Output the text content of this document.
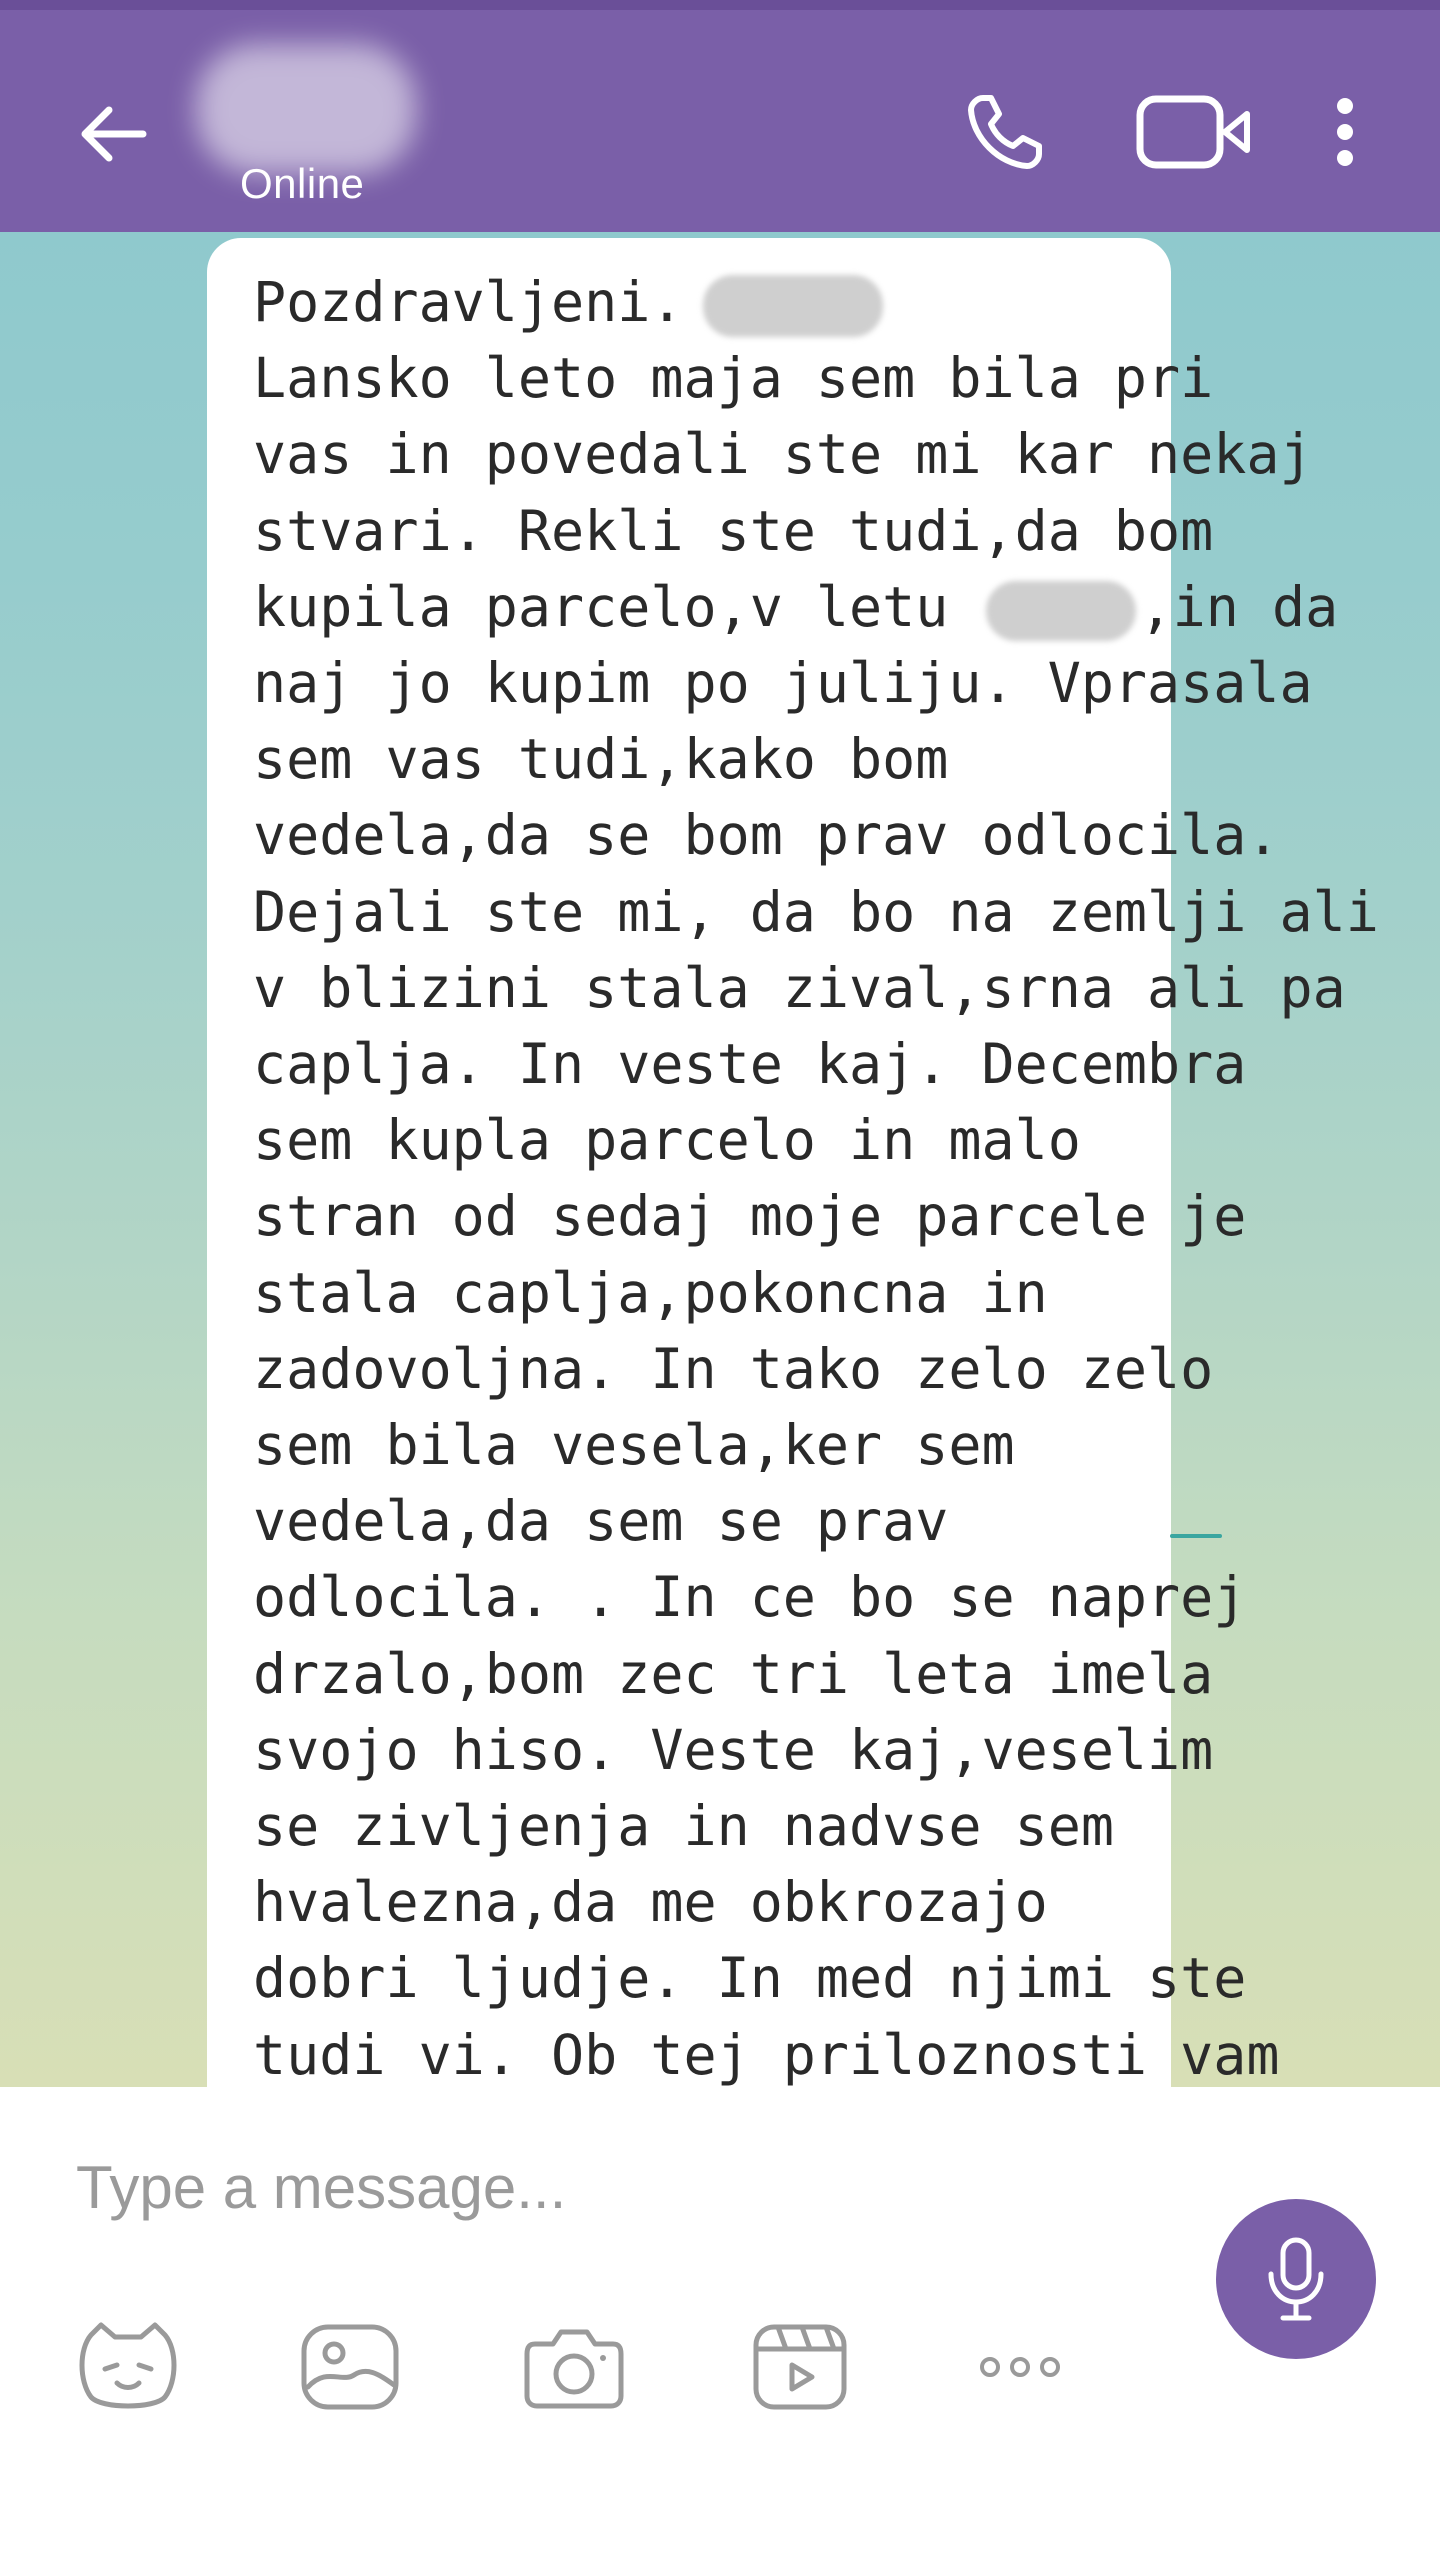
Online
Pozdravljeni.
Lansko leto maja sem bila pri
vas in povedali ste mi kar nekaj
stvari. Rekli ste tudi,da bom
kupila parcelo,v letu	,in da
naj jo kupim po juliju. Vprasala
sem vas tudi,kako bom
vedela,da se bom prav odlocila.
Dejali ste mi, da bo na zemlji ali
v blizini stala zival,srna ali pa
caplja. In veste kaj. Decembra
sem kupla parcelo in malo
stran od sedaj moje parcele je
stala caplja,pokoncna in
zadovoljna. In tako zelo zelo
sem bila vesela,ker sem
vedela,da sem se prav
odlocila. . In ce bo se naprej
drzalo,bom zec tri leta imela
svojo hiso. Veste kaj,veselim
se zivljenja in nadvse sem
hvalezna,da me obkrozajo
dobri ljudje. In med njimi ste
tudi vi. Ob tej priloznosti vam
Type a message...
